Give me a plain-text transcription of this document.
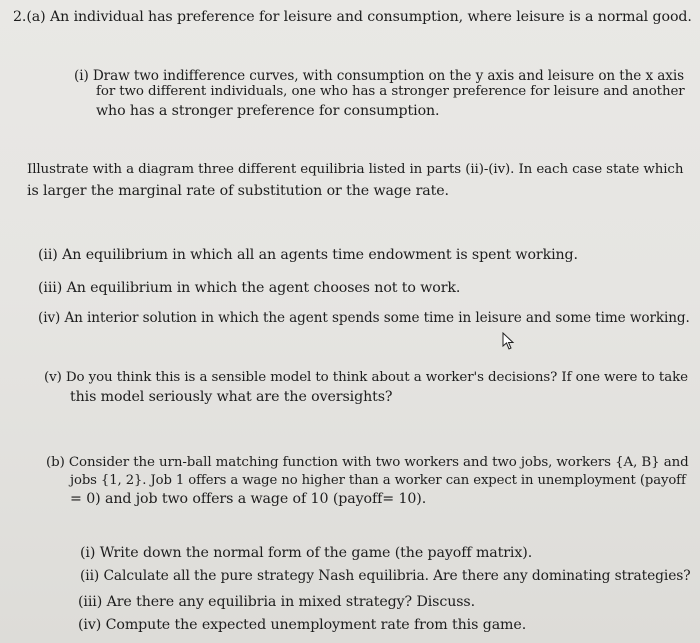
2.(a) An individual has preference for leisure and consumption, where leisure is a normal good.
(i) Draw two indifference curves, with consumption on the y axis and leisure on the x axis
for two different individuals, one who has a stronger preference for leisure and another
who has a stronger preference for consumption.
Illustrate with a diagram three different equilibria listed in parts (ii)-(iv). In each case state which
is larger the marginal rate of substitution or the wage rate.
(ii) An equilibrium in which all an agents time endowment is spent working.
(iii) An equilibrium in which the agent chooses not to work.
(iv) An interior solution in which the agent spends some time in leisure and some time working.
(v) Do you think this is a sensible model to think about a worker's decisions? If one were to take
this model seriously what are the oversights?
(b) Consider the urn-ball matching function with two workers and two jobs, workers {A, B} and
jobs {1, 2}. Job 1 offers a wage no higher than a worker can expect in unemployment (payoff
= 0) and job two offers a wage of 10 (payoff= 10).
(i) Write down the normal form of the game (the payoff matrix).
(ii) Calculate all the pure strategy Nash equilibria. Are there any dominating strategies?
(iii) Are there any equilibria in mixed strategy? Discuss.
(iv) Compute the expected unemployment rate from this game.
